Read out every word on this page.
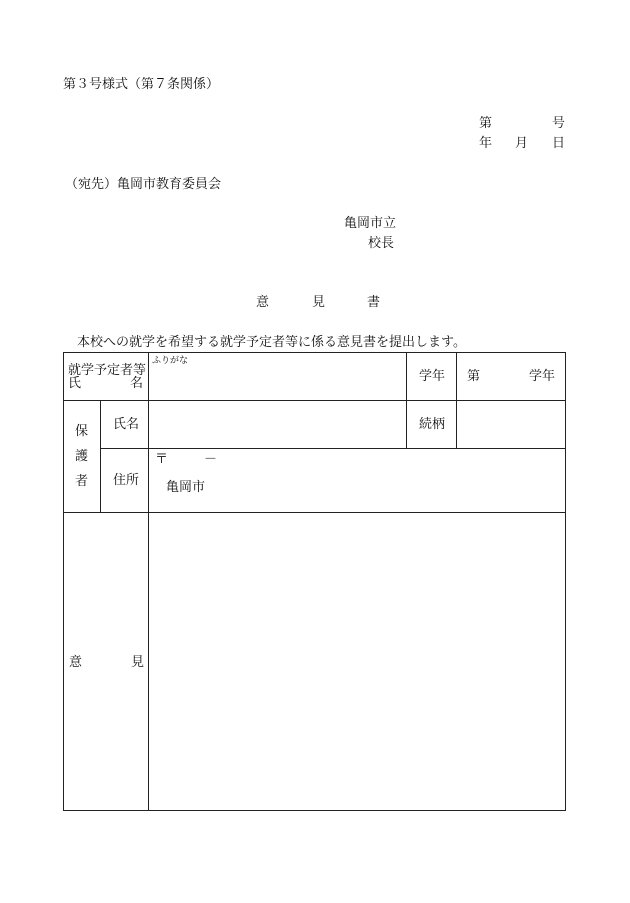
第３号様式（第７条関係）
第	号
年 月 日
（宛先）亀岡市教育委員会
亀岡市立
校長
意	見	書
本校への就学を希望する就学予定者等に係る意見書を提出します。
就学予定者等
氏 名		ふりがな	学年	第 学年

保
護
者	氏名		続柄	

	住所	〒 －
亀岡市		

意 見				
